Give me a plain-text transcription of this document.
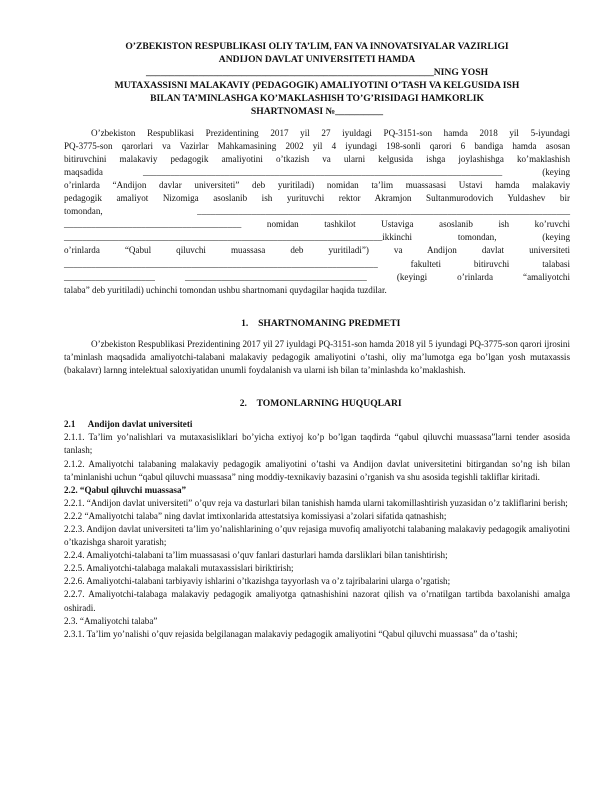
O’ZBEKISTON RESPUBLIKASI OLIY TA’LIM, FAN VA INNOVATSIYALAR VAZIRLIGI
ANDIJON DAVLAT UNIVERSITETI HAMDA
____________________________________________________________NING YOSH
MUTAXASSISNI MALAKAVIY (PEDAGOGIK) AMALIYOTINI O’TASH VA KELGUSIDA ISH
BILAN TA’MINLASHGA KO’MAKLASHISH TO’G’RISIDAGI HAMKORLIK
SHARTNOMASI №__________
O’zbekiston Respublikasi Prezidentining 2017 yil 27 iyuldagi PQ-3151-son hamda 2018 yil 5-iyundagi
PQ-3775-son qarorlari va Vazirlar Mahkamasining 2002 yil 4 iyundagi 198-sonli qarori 6 bandiga hamda asosan
bitiruvchini malakaviy pedagogik amaliyotini o’tkazish va ularni kelgusida ishga joylashishga ko’maklashish
maqsadida _______________________________________________________________________________ (keying
o’rinlarda “Andijon davlar universiteti” deb yuritiladi) nomidan ta’lim muassasasi Ustavi hamda malakaviy
pedagogik amaliyot Nizomiga asoslanib ish yurituvchi rektor Akramjon Sultanmurodovich Yuldashev bir
tomondan, __________________________________________________________________________________
_______________________________________ nomidan tashkilot Ustaviga asoslanib ish ko’ruvchi
______________________________________________________________________ikkinchi tomondan, (keying
o’rinlarda “Qabul qiluvchi muassasa deb yuritiladi”) va Andijon davlat universiteti
_____________________________________________________________________ fakulteti bitiruvchi talabasi
____________________ ________________________________________ (keyingi o’rinlarda “amaliyotchi
talaba” deb yuritiladi) uchinchi tomondan ushbu shartnomani quydagilar haqida tuzdilar.
1. SHARTNOMANING PREDMETI

O’zbekiston Respublikasi Prezidentining 2017 yil 27 iyuldagi PQ-3151-son hamda 2018 yil 5 iyundagi PQ-3775-son qarori ijrosini ta’minlash maqsadida amaliyotchi-talabani malakaviy pedagogik amaliyotini o’tashi, oliy ma’lumotga ega bo’lgan yosh mutaxassis (bakalavr) larnng intelektual saloxiyatidan unumli foydalanish va ularni ish bilan ta’minlashda ko’maklashish.

2. TOMONLARNING HUQUQLARI
2.1 Andijon davlat universiteti

2.1.1. Ta’lim yo’nalishlari va mutaxasisliklari bo’yicha extiyoj ko’p bo’lgan taqdirda “qabul qiluvchi muassasa”larni tender asosida tanlash;

2.1.2. Amaliyotchi talabaning malakaviy pedagogik amaliyotini o’tashi va Andijon davlat universitetini bitirgandan so’ng ish bilan ta’minlanishi uchun “qabul qiluvchi muassasa” ning moddiy-texnikaviy bazasini o’rganish va shu asosida tegishli takliflar kiritadi.

2.2. “Qabul qiluvchi muassasa”

2.2.1. “Andijon davlat universiteti” o’quv reja va dasturlari bilan tanishish hamda ularni takomillashtirish yuzasidan o’z takliflarini berish;

2.2.2 “Amaliyotchi talaba” ning davlat imtixonlarida attestatsiya komissiyasi a’zolari sifatida qatnashish;

2.2.3. Andijon davlat universiteti ta’lim yo’nalishlarining o’quv rejasiga muvofiq amaliyotchi talabaning malakaviy pedagogik amaliyotini o’tkazishga sharoit yaratish;

2.2.4. Amaliyotchi-talabani ta’lim muassasasi o’quv fanlari dasturlari hamda darsliklari bilan tanishtirish;

2.2.5. Amaliyotchi-talabaga malakali mutaxassislari biriktirish;

2.2.6. Amaliyotchi-talabani tarbiyaviy ishlarini o’tkazishga tayyorlash va o’z tajribalarini ularga o’rgatish;

2.2.7. Amaliyotchi-talabaga malakaviy pedagogik amaliyotga qatnashishini nazorat qilish va o’rnatilgan tartibda baxolanishi amalga oshiradi.

2.3. “Amaliyotchi talaba”

2.3.1. Ta’lim yo’nalishi o’quv rejasida belgilanagan malakaviy pedagogik amaliyotini “Qabul qiluvchi muassasa” da o’tashi;
